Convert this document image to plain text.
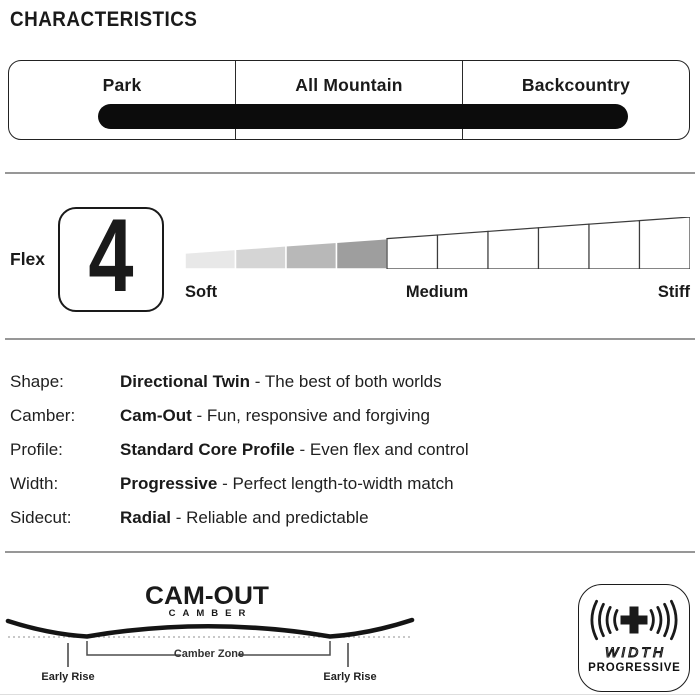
CHARACTERISTICS
Park	All Mountain	Backcountry
Flex 4	Soft	Medium	Stiff
Shape:	Directional Twin - The best of both worlds
Camber:	Cam-Out - Fun, responsive and forgiving
Profile:	Standard Core Profile - Even flex and control
Width:	Progressive - Perfect length-to-width match
Sidecut:	Radial - Reliable and predictable
CAM-OUT
CAMBER
Camber Zone
Early Rise	Early Rise
WIDTH
PROGRESSIVE
